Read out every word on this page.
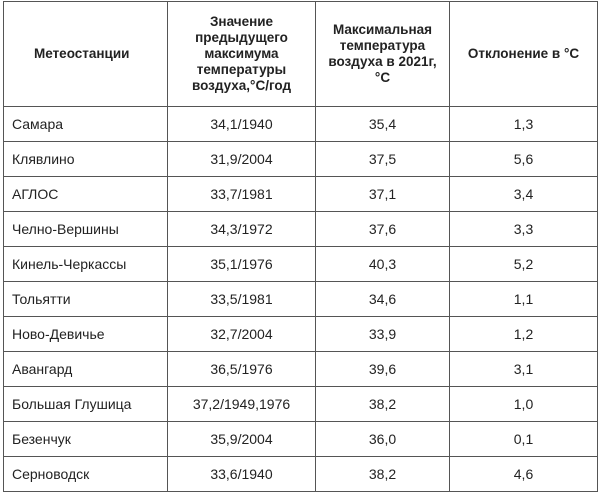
Метеостанции	Значение предыдущего максимума температуры воздуха,°С/год	Максимальная температура воздуха в 2021г, °С	Отклонение в °С
Самара	34,1/1940	35,4	1,3
Клявлино	31,9/2004	37,5	5,6
АГЛОС	33,7/1981	37,1	3,4
Челно-Вершины	34,3/1972	37,6	3,3
Кинель-Черкассы	35,1/1976	40,3	5,2
Тольятти	33,5/1981	34,6	1,1
Ново-Девичье	32,7/2004	33,9	1,2
Авангард	36,5/1976	39,6	3,1
Большая Глушица	37,2/1949,1976	38,2	1,0
Безенчук	35,9/2004	36,0	0,1
Серноводск	33,6/1940	38,2	4,6
